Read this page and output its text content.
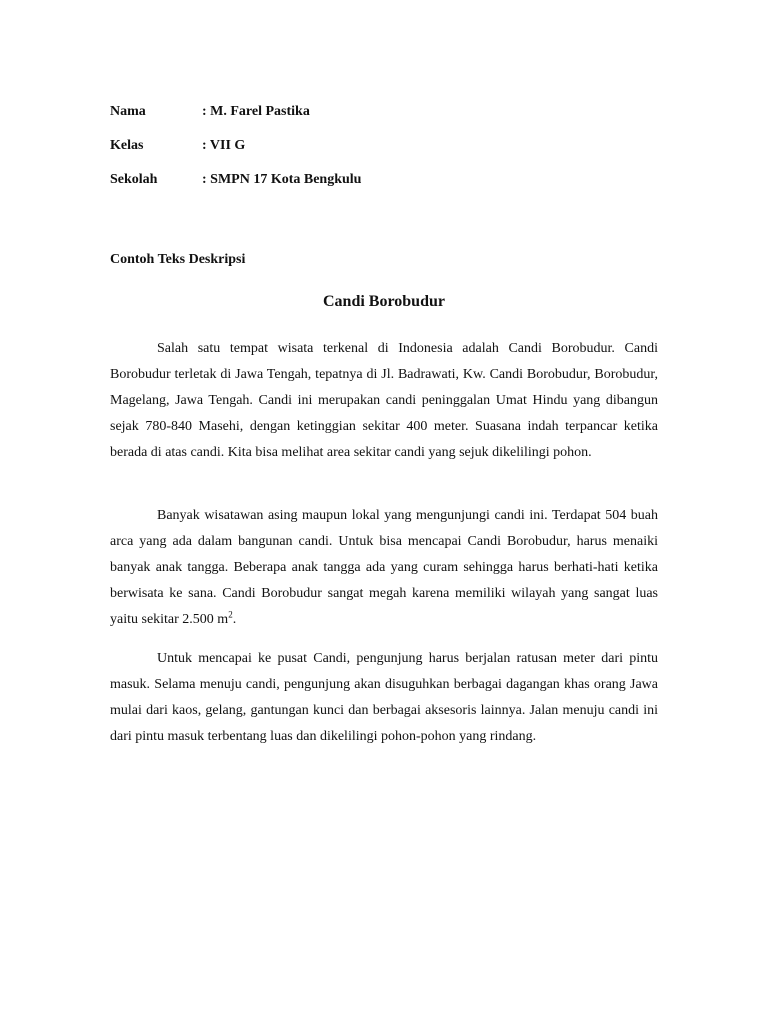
Nama	: M. Farel Pastika
Kelas	: VII G
Sekolah	: SMPN 17 Kota Bengkulu
Contoh Teks Deskripsi
Candi Borobudur

Salah satu tempat wisata terkenal di Indonesia adalah Candi Borobudur. Candi Borobudur terletak di Jawa Tengah, tepatnya di Jl. Badrawati, Kw. Candi Borobudur, Borobudur, Magelang, Jawa Tengah. Candi ini merupakan candi peninggalan Umat Hindu yang dibangun sejak 780-840 Masehi, dengan ketinggian sekitar 400 meter. Suasana indah terpancar ketika berada di atas candi. Kita bisa melihat area sekitar candi yang sejuk dikelilingi pohon.

Banyak wisatawan asing maupun lokal yang mengunjungi candi ini. Terdapat 504 buah arca yang ada dalam bangunan candi. Untuk bisa mencapai Candi Borobudur, harus menaiki banyak anak tangga. Beberapa anak tangga ada yang curam sehingga harus berhati-hati ketika berwisata ke sana. Candi Borobudur sangat megah karena memiliki wilayah yang sangat luas yaitu sekitar 2.500 $m^2$.

Untuk mencapai ke pusat Candi, pengunjung harus berjalan ratusan meter dari pintu masuk. Selama menuju candi, pengunjung akan disuguhkan berbagai dagangan khas orang Jawa mulai dari kaos, gelang, gantungan kunci dan berbagai aksesoris lainnya. Jalan menuju candi ini dari pintu masuk terbentang luas dan dikelilingi pohon-pohon yang rindang.
